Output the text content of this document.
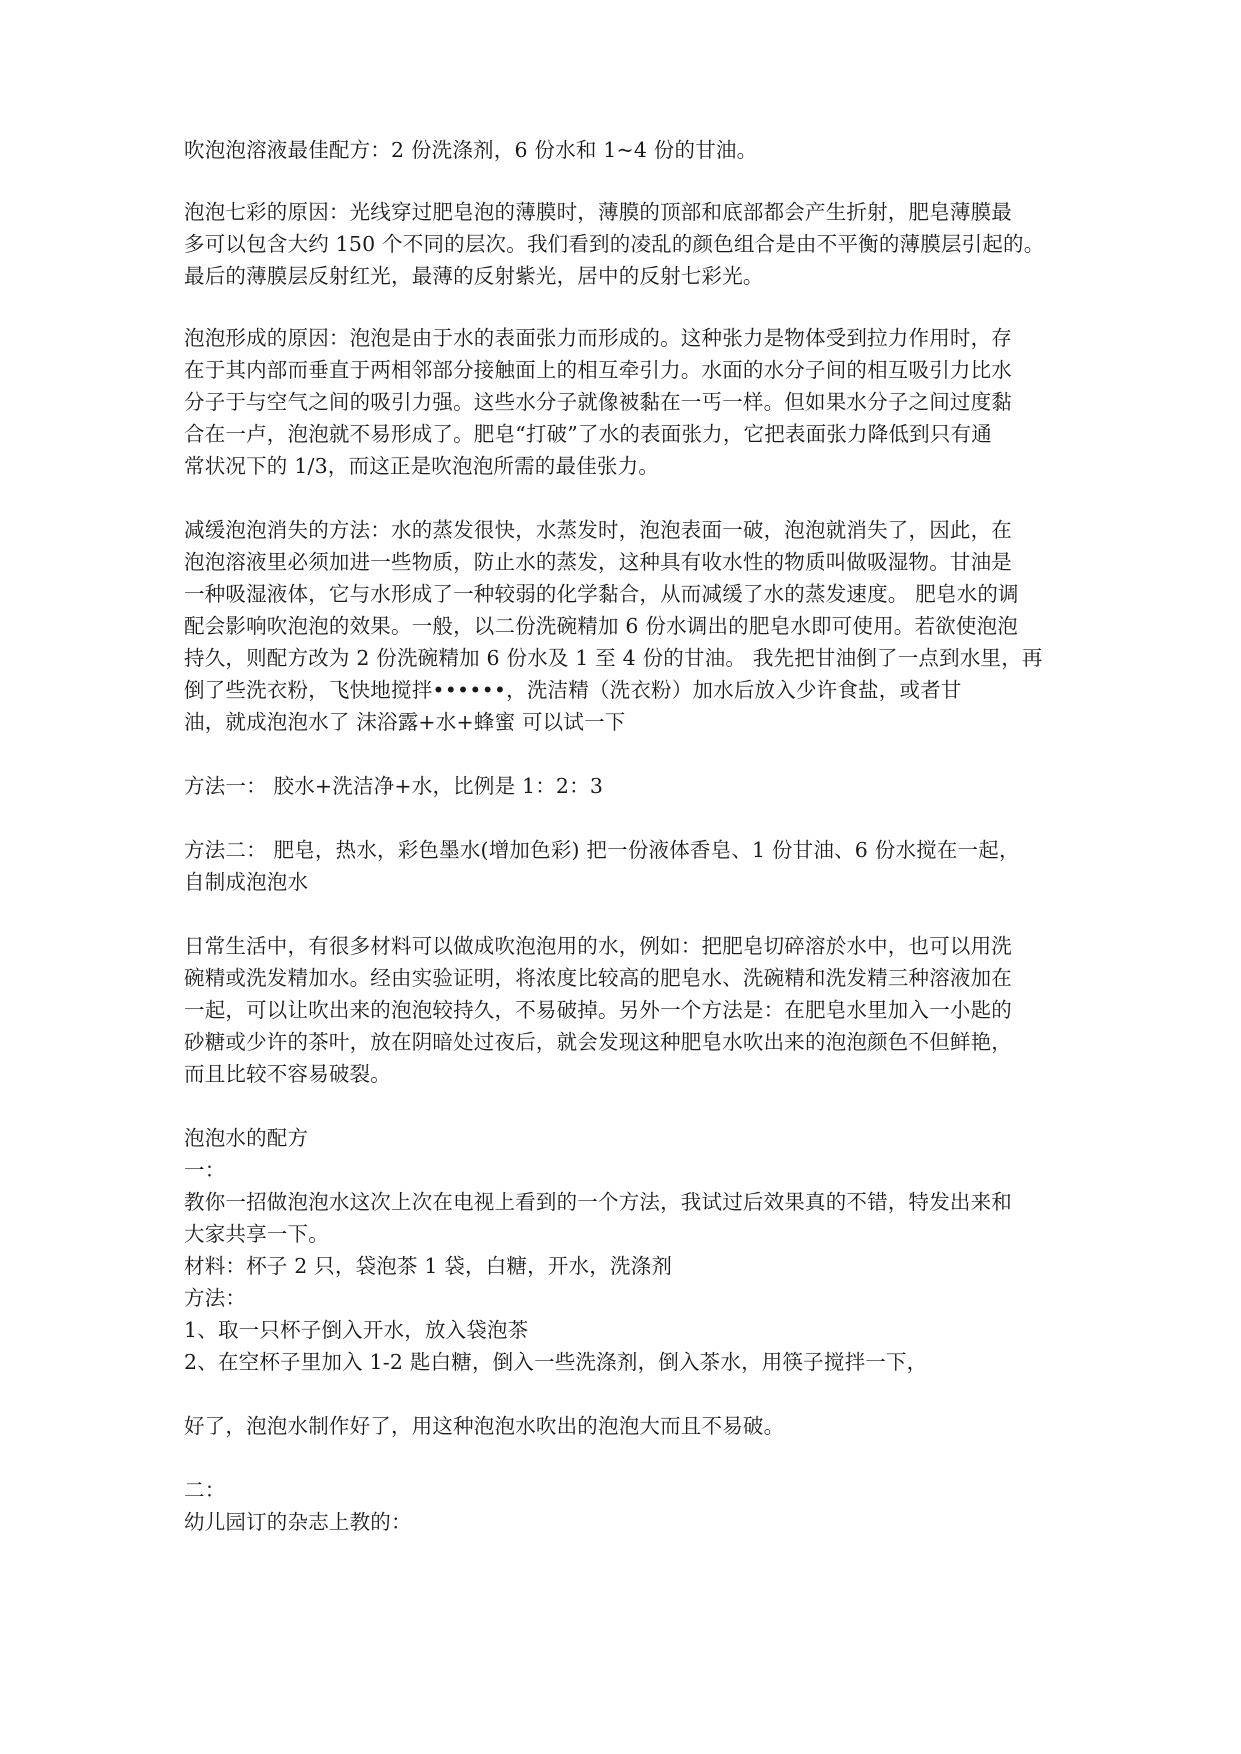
吹泡泡溶液最佳配方：2 份洗涤剂，6 份水和 1~4 份的甘油。
泡泡七彩的原因：光线穿过肥皂泡的薄膜时，薄膜的顶部和底部都会产生折射，肥皂薄膜最
多可以包含大约 150 个不同的层次。我们看到的凌乱的颜色组合是由不平衡的薄膜层引起的。
最后的薄膜层反射红光，最薄的反射紫光，居中的反射七彩光。
泡泡形成的原因：泡泡是由于水的表面张力而形成的。这种张力是物体受到拉力作用时，存
在于其内部而垂直于两相邻部分接触面上的相互牵引力。水面的水分子间的相互吸引力比水
分子于与空气之间的吸引力强。这些水分子就像被黏在一丐一样。但如果水分子之间过度黏
合在一卢，泡泡就不易形成了。肥皂“打破”了水的表面张力，它把表面张力降低到只有通
常状况下的 1/3，而这正是吹泡泡所需的最佳张力。
减缓泡泡消失的方法：水的蒸发很快，水蒸发时，泡泡表面一破，泡泡就消失了，因此，在
泡泡溶液里必须加进一些物质，防止水的蒸发，这种具有收水性的物质叫做吸湿物。甘油是
一种吸湿液体，它与水形成了一种较弱的化学黏合，从而减缓了水的蒸发速度。 肥皂水的调
配会影响吹泡泡的效果。一般，以二份洗碗精加 6 份水调出的肥皂水即可使用。若欲使泡泡
持久，则配方改为 2 份洗碗精加 6 份水及 1 至 4 份的甘油。 我先把甘油倒了一点到水里，再
倒了些洗衣粉，飞快地搅拌••••••，洗洁精（洗衣粉）加水后放入少许食盐，或者甘
油，就成泡泡水了 沫浴露+水+蜂蜜 可以试一下
方法一： 胶水+洗洁净+水，比例是 1：2：3
方法二： 肥皂，热水，彩色墨水(增加色彩) 把一份液体香皂、1 份甘油、6 份水搅在一起，
自制成泡泡水
日常生活中，有很多材料可以做成吹泡泡用的水，例如：把肥皂切碎溶於水中，也可以用洗
碗精或洗发精加水。经由实验证明，将浓度比较高的肥皂水、洗碗精和洗发精三种溶液加在
一起，可以让吹出来的泡泡较持久，不易破掉。另外一个方法是：在肥皂水里加入一小匙的
砂糖或少许的茶叶，放在阴暗处过夜后，就会发现这种肥皂水吹出来的泡泡颜色不但鲜艳，
而且比较不容易破裂。
泡泡水的配方
一：
教你一招做泡泡水这次上次在电视上看到的一个方法，我试过后效果真的不错，特发出来和
大家共享一下。
材料：杯子 2 只，袋泡茶 1 袋，白糖，开水，洗涤剂
方法：
1、取一只杯子倒入开水，放入袋泡茶
2、在空杯子里加入 1-2 匙白糖，倒入一些洗涤剂，倒入茶水，用筷子搅拌一下，
好了，泡泡水制作好了，用这种泡泡水吹出的泡泡大而且不易破。
二：
幼儿园订的杂志上教的：
